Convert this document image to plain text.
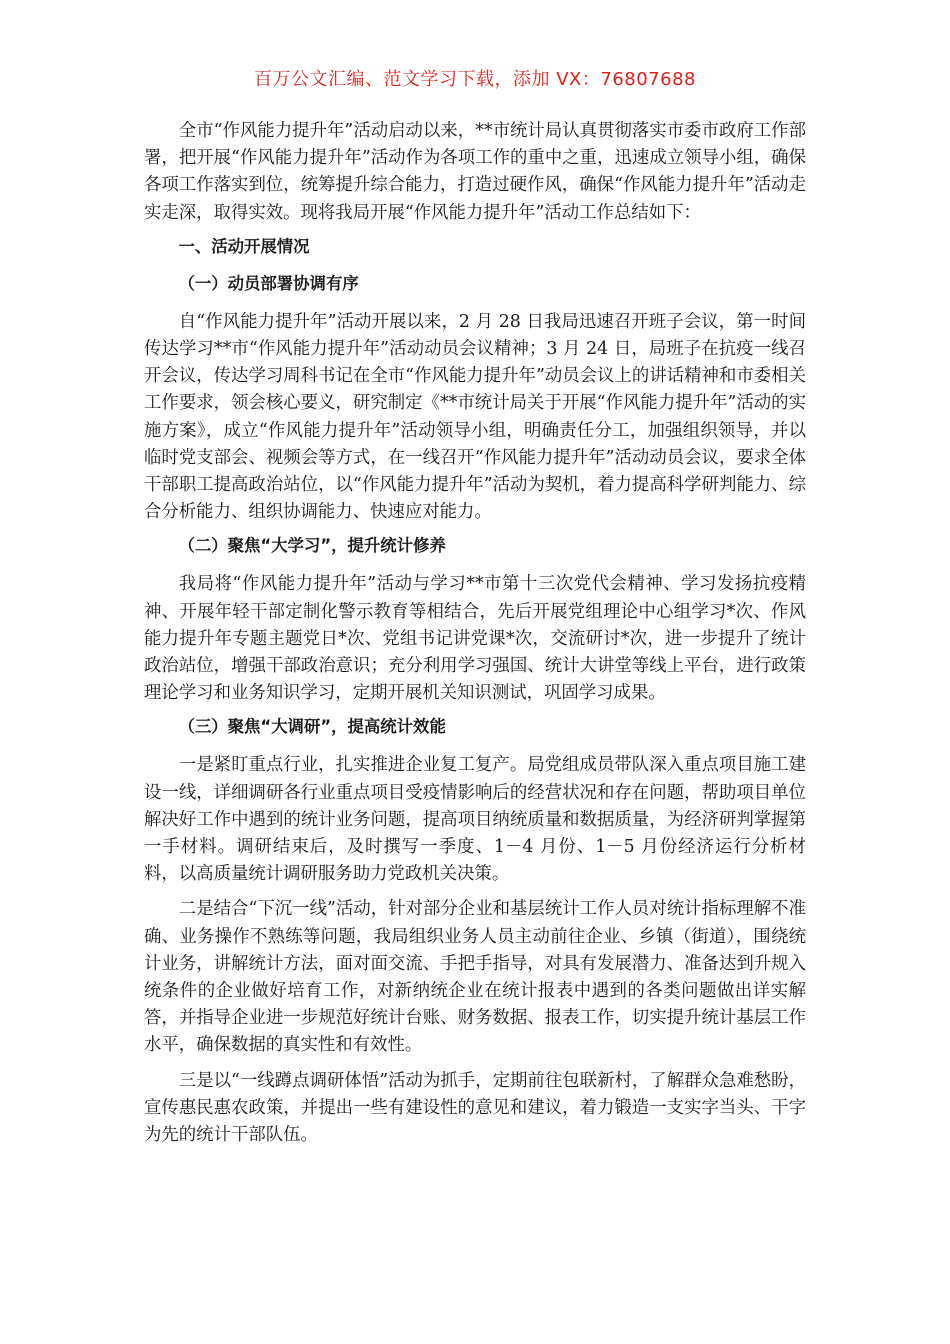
百万公文汇编、范文学习下载，添加 VX：76807688

全市“作风能力提升年”活动启动以来，**市统计局认真贯彻落实市委市政府工作部署，把开展“作风能力提升年”活动作为各项工作的重中之重，迅速成立领导小组，确保各项工作落实到位，统筹提升综合能力，打造过硬作风，确保“作风能力提升年”活动走实走深，取得实效。现将我局开展“作风能力提升年”活动工作总结如下：

一、活动开展情况
（一）动员部署协调有序

自“作风能力提升年”活动开展以来，2 月 28 日我局迅速召开班子会议，第一时间传达学习**市“作风能力提升年”活动动员会议精神；3 月 24 日，局班子在抗疫一线召开会议，传达学习周科书记在全市“作风能力提升年”动员会议上的讲话精神和市委相关工作要求，领会核心要义，研究制定《**市统计局关于开展“作风能力提升年”活动的实施方案》，成立“作风能力提升年”活动领导小组，明确责任分工，加强组织领导，并以临时党支部会、视频会等方式，在一线召开“作风能力提升年”活动动员会议，要求全体干部职工提高政治站位，以“作风能力提升年”活动为契机，着力提高科学研判能力、综合分析能力、组织协调能力、快速应对能力。

（二）聚焦“大学习”，提升统计修养

我局将“作风能力提升年”活动与学习**市第十三次党代会精神、学习发扬抗疫精神、开展年轻干部定制化警示教育等相结合，先后开展党组理论中心组学习*次、作风能力提升年专题主题党日*次、党组书记讲党课*次，交流研讨*次，进一步提升了统计政治站位，增强干部政治意识；充分利用学习强国、统计大讲堂等线上平台，进行政策理论学习和业务知识学习，定期开展机关知识测试，巩固学习成果。

（三）聚焦“大调研”，提高统计效能

一是紧盯重点行业，扎实推进企业复工复产。局党组成员带队深入重点项目施工建设一线，详细调研各行业重点项目受疫情影响后的经营状况和存在问题，帮助项目单位解决好工作中遇到的统计业务问题，提高项目纳统质量和数据质量，为经济研判掌握第一手材料。调研结束后，及时撰写一季度、1－4 月份、1－5 月份经济运行分析材料，以高质量统计调研服务助力党政机关决策。

二是结合“下沉一线”活动，针对部分企业和基层统计工作人员对统计指标理解不准确、业务操作不熟练等问题，我局组织业务人员主动前往企业、乡镇（街道），围绕统计业务，讲解统计方法，面对面交流、手把手指导，对具有发展潜力、准备达到升规入统条件的企业做好培育工作，对新纳统企业在统计报表中遇到的各类问题做出详实解答，并指导企业进一步规范好统计台账、财务数据、报表工作，切实提升统计基层工作水平，确保数据的真实性和有效性。

三是以“一线蹲点调研体悟”活动为抓手，定期前往包联新村，了解群众急难愁盼，宣传惠民惠农政策，并提出一些有建设性的意见和建议，着力锻造一支实字当头、干字为先的统计干部队伍。
